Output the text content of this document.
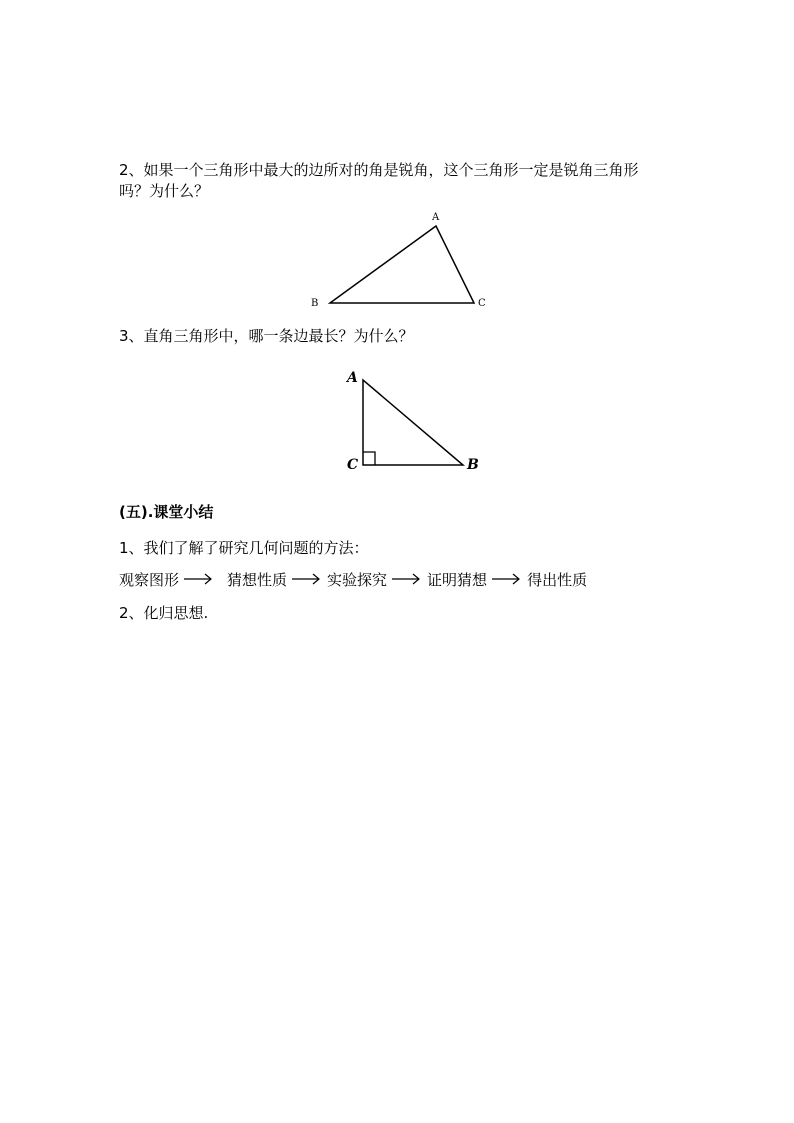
2、如果一个三角形中最大的边所对的角是锐角，这个三角形一定是锐角三角形
吗？为什么？
A
B	C
3、直角三角形中，哪一条边最长？为什么？
A
C	B
(五).课堂小结
1、我们了解了研究几何问题的方法：
观察图形	猜想性质	实验探究	证明猜想	得出性质
2、化归思想.
